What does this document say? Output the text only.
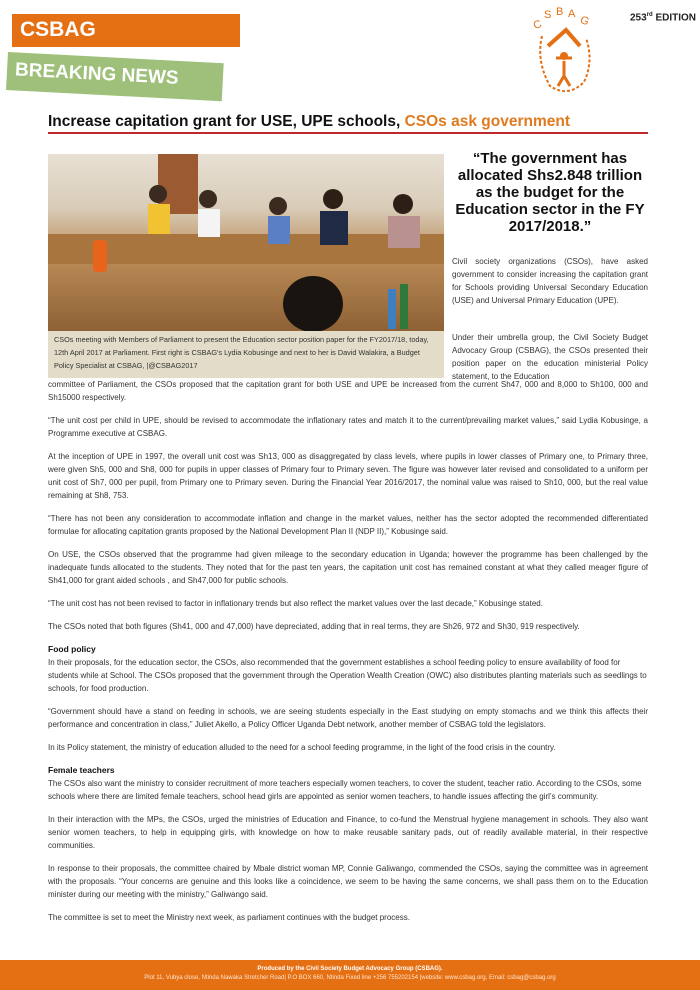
CSBAG
BREAKING NEWS
C
S B A
G	253rd EDITION
Increase capitation grant for USE, UPE schools, CSOs ask government
CSOs meeting with Members of Parliament to present the Education sector position paper for the FY2017/18, today, 12th April 2017 at Parliament. First right is CSBAG's Lydia Kobusinge and next to her is David Walakira, a Budget Policy Specialist at CSBAG, |@CSBAG2017
“The government has allocated Shs2.848 trillion as the budget for the Education sector in the FY 2017/2018.”

Civil society organizations (CSOs), have asked government to consider increasing the capitation grant for Schools providing Universal Secondary Education (USE) and Universal Primary Education (UPE).

Under their umbrella group, the Civil Society Budget Advocacy Group (CSBAG), the CSOs presented their position paper on the education ministerial Policy statement, to the Education

committee of Parliament, the CSOs proposed that the capitation grant for both USE and UPE be increased from the current Sh47, 000 and 8,000 to Sh100, 000 and Sh15000 respectively.

“The unit cost per child in UPE, should be revised to accommodate the inflationary rates and match it to the current/prevailing market values,” said Lydia Kobusinge, a Programme executive at CSBAG.

At the inception of UPE in 1997, the overall unit cost was Sh13, 000 as disaggregated by class levels, where pupils in lower classes of Primary one, to Primary three, were given Sh5, 000 and Sh8, 000 for pupils in upper classes of Primary four to Primary seven. The figure was however later revised and consolidated to a uniform per unit cost of Sh7, 000 per pupil, from Primary one to Primary seven. During the Financial Year 2016/2017, the nominal value was raised to Sh10, 000, but the real value remaining at Sh8, 753.

“There has not been any consideration to accommodate inflation and change in the market values, neither has the sector adopted the recommended differentiated formulae for allocating capitation grants proposed by the National Development Plan II (NDP II),” Kobusinge said.

On USE, the CSOs observed that the programme had given mileage to the secondary education in Uganda; however the programme has been challenged by the inadequate funds allocated to the students. They noted that for the past ten years, the capitation unit cost has remained constant at what they called meager figure of Sh41,000 for grant aided schools , and Sh47,000 for public schools.

“The unit cost has not been revised to factor in inflationary trends but also reflect the market values over the last decade,” Kobusinge stated.

The CSOs noted that both figures (Sh41, 000 and 47,000) have depreciated, adding that in real terms, they are Sh26, 972 and Sh30, 919 respectively.

Food policy

In their proposals, for the education sector, the CSOs, also recommended that the government establishes a school feeding policy to ensure availability of food for students while at School. The CSOs proposed that the government through the Operation Wealth Creation (OWC) also distributes planting materials such as seedlings to schools, for food production.

“Government should have a stand on feeding in schools, we are seeing students especially in the East studying on empty stomachs and we think this affects their performance and concentration in class,” Juliet Akello, a Policy Officer Uganda Debt network, another member of CSBAG told the legislators.

In its Policy statement, the ministry of education alluded to the need for a school feeding programme, in the light of the food crisis in the country.

Female teachers

The CSOs also want the ministry to consider recruitment of more teachers especially women teachers, to cover the student, teacher ratio. According to the CSOs, some schools where there are limited female teachers, school head girls are appointed as senior women teachers, to handle issues affecting the girl’s community.

In their interaction with the MPs, the CSOs, urged the ministries of Education and Finance, to co-fund the Menstrual hygiene management in schools. They also want senior women teachers, to help in equipping girls, with knowledge on how to make reusable sanitary pads, out of readily available material, in their respective communities.

In response to their proposals, the committee chaired by Mbale district woman MP, Connie Galiwango, commended the CSOs, saying the committee was in agreement with the proposals. “Your concerns are genuine and this looks like a coincidence, we seem to be having the same concerns, we shall pass them on to the Education minister during our meeting with the ministry,” Galiwango said.

The committee is set to meet the Ministry next week, as parliament continues with the budget process.

Produced by the Civil Society Budget Advocacy Group (CSBAG).
Plot 11, Vubya close, Ntinda Nawaka Stretcher Road| P.O BOX 660, Ntinda Fixed line +256 755202154 |website: www.csbag.org, Email: csbag@csbag.org
